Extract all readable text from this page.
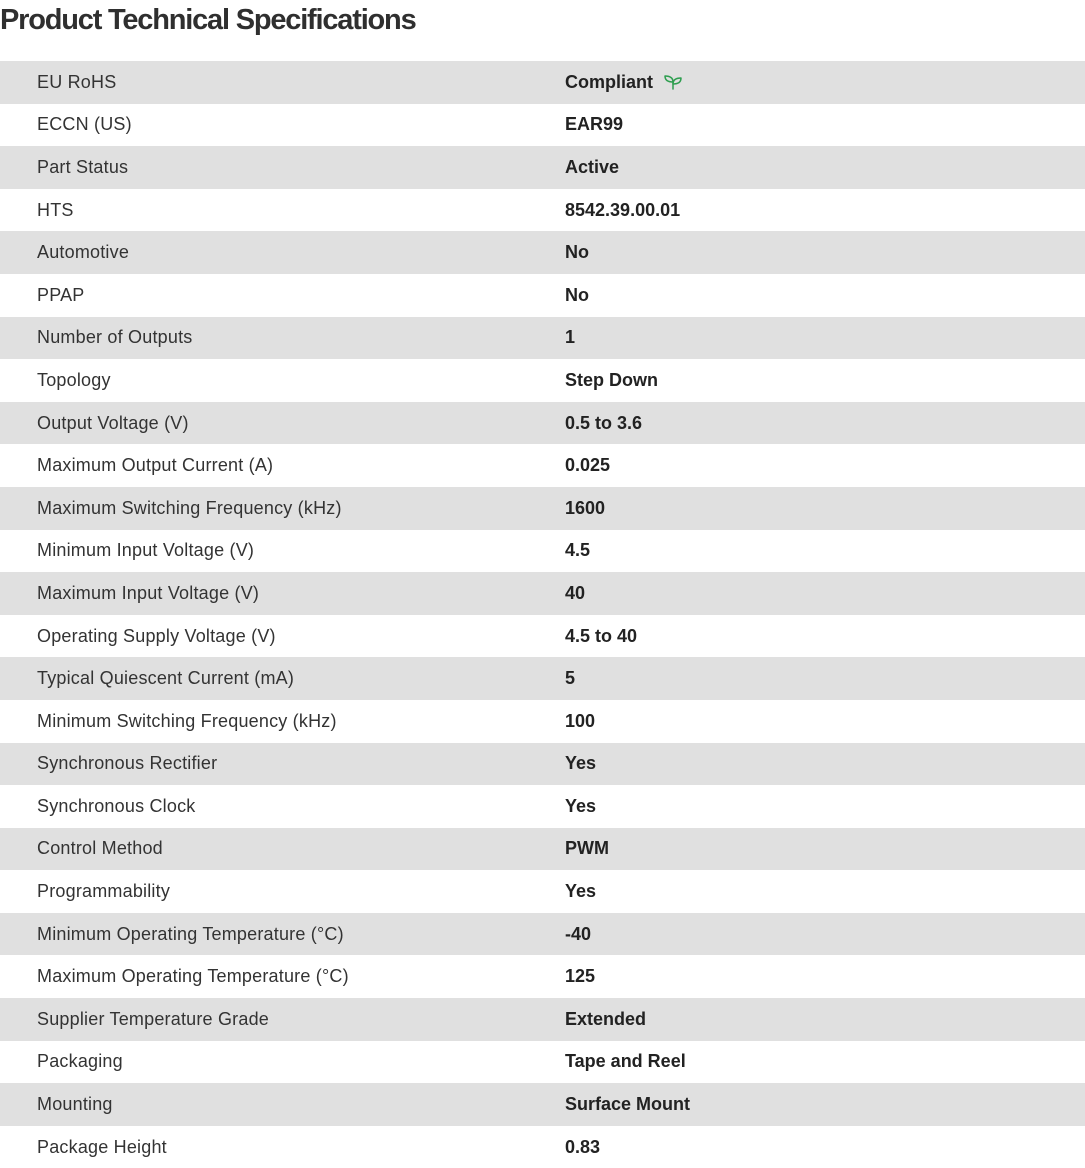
Product Technical Specifications
EU RoHS	Compliant
ECCN (US)	EAR99
Part Status	Active
HTS	8542.39.00.01
Automotive	No
PPAP	No
Number of Outputs	1
Topology	Step Down
Output Voltage (V)	0.5 to 3.6
Maximum Output Current (A)	0.025
Maximum Switching Frequency (kHz)	1600
Minimum Input Voltage (V)	4.5
Maximum Input Voltage (V)	40
Operating Supply Voltage (V)	4.5 to 40
Typical Quiescent Current (mA)	5
Minimum Switching Frequency (kHz)	100
Synchronous Rectifier	Yes
Synchronous Clock	Yes
Control Method	PWM
Programmability	Yes
Minimum Operating Temperature (°C)	-40
Maximum Operating Temperature (°C)	125
Supplier Temperature Grade	Extended
Packaging	Tape and Reel
Mounting	Surface Mount
Package Height	0.83
